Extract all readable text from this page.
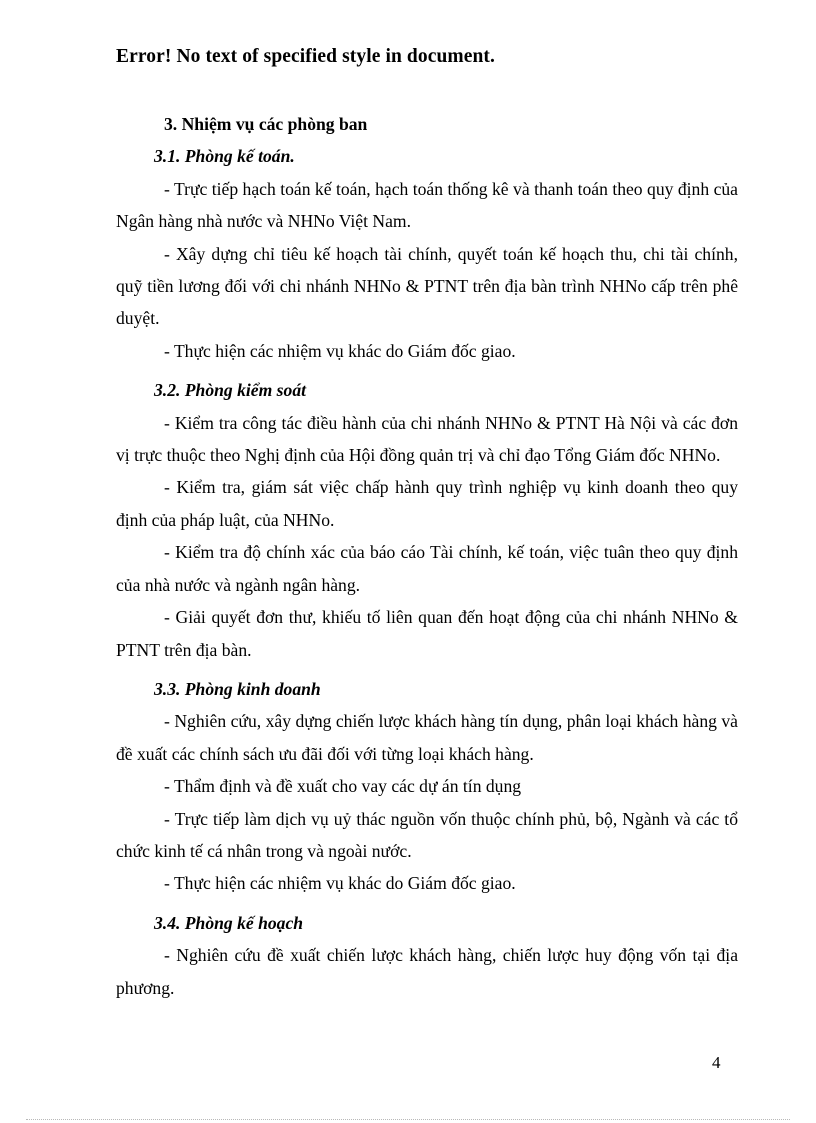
Error! No text of specified style in document.
3. Nhiệm vụ các phòng ban
3.1. Phòng kế toán.

- Trực tiếp hạch toán kế toán, hạch toán thống kê và thanh toán theo quy định của Ngân hàng nhà nước và NHNo Việt Nam.

- Xây dựng chỉ tiêu kế hoạch tài chính, quyết toán kế hoạch thu, chi tài chính, quỹ tiền lương đối với chi nhánh NHNo & PTNT trên địa bàn trình NHNo cấp trên phê duyệt.

- Thực hiện các nhiệm vụ khác do Giám đốc giao.

3.2. Phòng kiểm soát

- Kiểm tra công tác điều hành của chi nhánh NHNo & PTNT Hà Nội và các đơn vị trực thuộc theo Nghị định của Hội đồng quản trị và chỉ đạo Tổng Giám đốc NHNo.

- Kiểm tra, giám sát việc chấp hành quy trình nghiệp vụ kinh doanh theo quy định của pháp luật, của NHNo.

- Kiểm tra độ chính xác của báo cáo Tài chính, kế toán, việc tuân theo quy định của nhà nước và ngành ngân hàng.

- Giải quyết đơn thư, khiếu tố liên quan đến hoạt động của chi nhánh NHNo & PTNT trên địa bàn.

3.3. Phòng kinh doanh

- Nghiên cứu, xây dựng chiến lược khách hàng tín dụng, phân loại khách hàng và đề xuất các chính sách ưu đãi đối với từng loại khách hàng.

- Thẩm định và đề xuất cho vay các dự án tín dụng

- Trực tiếp làm dịch vụ uỷ thác nguồn vốn thuộc chính phủ, bộ, Ngành và các tổ chức kinh tế cá nhân trong và ngoài nước.

- Thực hiện các nhiệm vụ khác do Giám đốc giao.

3.4. Phòng kế hoạch

- Nghiên cứu đề xuất chiến lược khách hàng, chiến lược huy động vốn tại địa phương.

4
